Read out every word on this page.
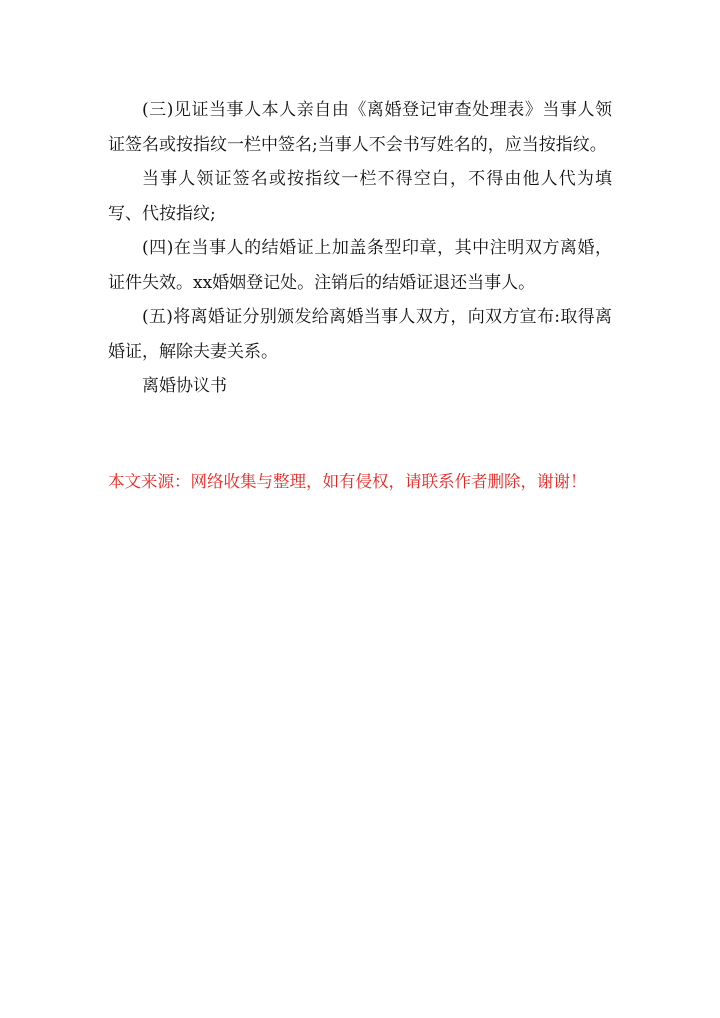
(三)见证当事人本人亲自由《离婚登记审查处理表》当事人领证签名或按指纹一栏中签名;当事人不会书写姓名的，应当按指纹。

当事人领证签名或按指纹一栏不得空白，不得由他人代为填写、代按指纹;

(四)在当事人的结婚证上加盖条型印章，其中注明双方离婚，证件失效。xx婚姻登记处。注销后的结婚证退还当事人。

(五)将离婚证分别颁发给离婚当事人双方，向双方宣布:取得离婚证，解除夫妻关系。

离婚协议书

本文来源：网络收集与整理，如有侵权，请联系作者删除，谢谢！
